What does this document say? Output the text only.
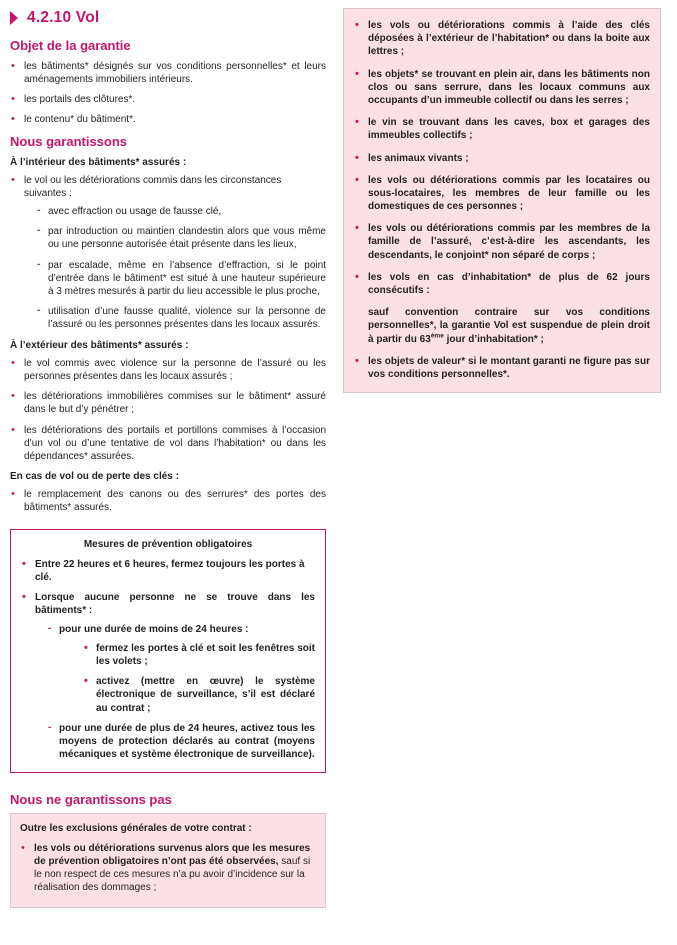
4.2.10 Vol
Objet de la garantie
• les bâtiments* désignés sur vos conditions personnelles* et leurs aménagements immobiliers intérieurs.
• les portails des clôtures*.
• le contenu* du bâtiment*.
Nous garantissons
À l’intérieur des bâtiments* assurés :
• le vol ou les détériorations commis dans les circonstances suivantes :
- avec effraction ou usage de fausse clé,
- par introduction ou maintien clandestin alors que vous même ou une personne autorisée était présente dans les lieux,
- par escalade, même en l’absence d’effraction, si le point d’entrée dans le bâtiment* est situé à une hauteur supérieure à 3 mètres mesurés à partir du lieu accessible le plus proche,
- utilisation d’une fausse qualité, violence sur la personne de l’assuré ou les personnes présentes dans les locaux assurés.
À l’extérieur des bâtiments* assurés :
• le vol commis avec violence sur la personne de l’assuré ou les personnes présentes dans les locaux assurés ;
• les détériorations immobilières commises sur le bâtiment* assuré dans le but d’y pénétrer ;
• les détériorations des portails et portillons commises à l’occasion d’un vol ou d’une tentative de vol dans l’habitation* ou dans les dépendances* assurées.
En cas de vol ou de perte des clés :
• le remplacement des canons ou des serrures* des portes des bâtiments* assurés.
Mesures de prévention obligatoires
• Entre 22 heures et 6 heures, fermez toujours les portes à clé.
• Lorsque aucune personne ne se trouve dans les bâtiments* :
- pour une durée de moins de 24 heures :
• fermez les portes à clé et soit les fenêtres soit les volets ;
• activez (mettre en œuvre) le système électronique de surveillance, s’il est déclaré au contrat ;
- pour une durée de plus de 24 heures, activez tous les moyens de protection déclarés au contrat (moyens mécaniques et système électronique de surveillance).
Nous ne garantissons pas
Outre les exclusions générales de votre contrat :
• les vols ou détériorations survenus alors que les mesures de prévention obligatoires n’ont pas été observées, sauf si le non respect de ces mesures n’a pu avoir d’incidence sur la réalisation des dommages ;
• les vols ou détériorations commis à l’aide des clés déposées à l’extérieur de l’habitation* ou dans la boite aux lettres ;
• les objets* se trouvant en plein air, dans les bâtiments non clos ou sans serrure, dans les locaux communs aux occupants d’un immeuble collectif ou dans les serres ;
• le vin se trouvant dans les caves, box et garages des immeubles collectifs ;
• les animaux vivants ;
• les vols ou détériorations commis par les locataires ou sous-locataires, les membres de leur famille ou les domestiques de ces personnes ;
• les vols ou détériorations commis par les membres de la famille de l’assuré, c’est-à-dire les ascendants, les descendants, le conjoint* non séparé de corps ;
• les vols en cas d’inhabitation* de plus de 62 jours consécutifs :

sauf convention contraire sur vos conditions personnelles*, la garantie Vol est suspendue de plein droit à partir du 63ème jour d’inhabitation* ;

• les objets de valeur* si le montant garanti ne figure pas sur vos conditions personnelles*.
